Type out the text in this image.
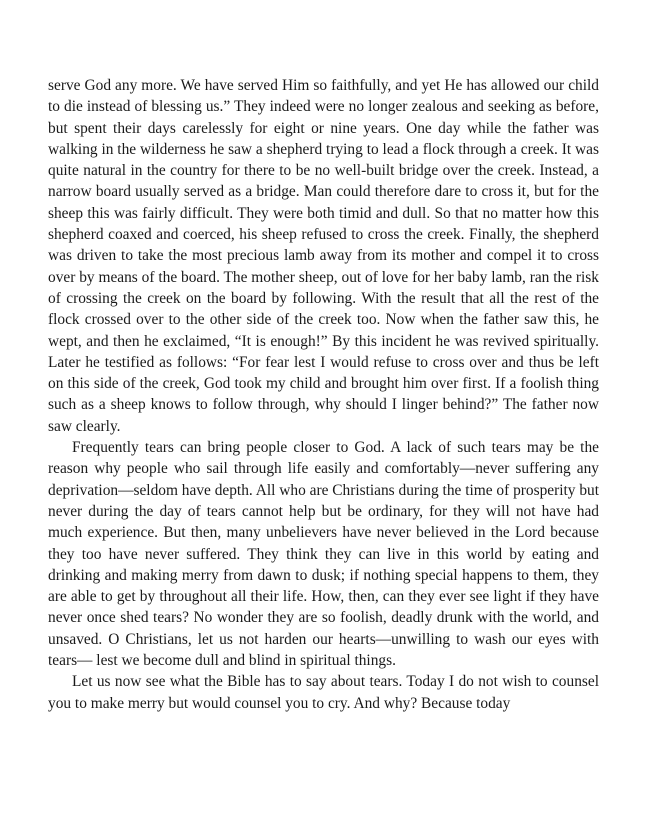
serve God any more. We have served Him so faithfully, and yet He has allowed our child to die instead of blessing us.” They indeed were no longer zealous and seeking as before, but spent their days carelessly for eight or nine years. One day while the father was walking in the wilderness he saw a shepherd trying to lead a flock through a creek. It was quite natural in the country for there to be no well-built bridge over the creek. Instead, a narrow board usually served as a bridge. Man could therefore dare to cross it, but for the sheep this was fairly difficult. They were both timid and dull. So that no matter how this shepherd coaxed and coerced, his sheep refused to cross the creek. Finally, the shepherd was driven to take the most precious lamb away from its mother and compel it to cross over by means of the board. The mother sheep, out of love for her baby lamb, ran the risk of crossing the creek on the board by following. With the result that all the rest of the flock crossed over to the other side of the creek too. Now when the father saw this, he wept, and then he exclaimed, “It is enough!” By this incident he was revived spiritually. Later he testified as follows: “For fear lest I would refuse to cross over and thus be left on this side of the creek, God took my child and brought him over first. If a foolish thing such as a sheep knows to follow through, why should I linger behind?” The father now saw clearly.

Frequently tears can bring people closer to God. A lack of such tears may be the reason why people who sail through life easily and comfortably—never suffering any deprivation—seldom have depth. All who are Christians during the time of prosperity but never during the day of tears cannot help but be ordinary, for they will not have had much experience. But then, many unbelievers have never believed in the Lord because they too have never suffered. They think they can live in this world by eating and drinking and making merry from dawn to dusk; if nothing special happens to them, they are able to get by throughout all their life. How, then, can they ever see light if they have never once shed tears? No wonder they are so foolish, deadly drunk with the world, and unsaved. O Christians, let us not harden our hearts—unwilling to wash our eyes with tears— lest we become dull and blind in spiritual things.

Let us now see what the Bible has to say about tears. Today I do not wish to counsel you to make merry but would counsel you to cry. And why? Because today
